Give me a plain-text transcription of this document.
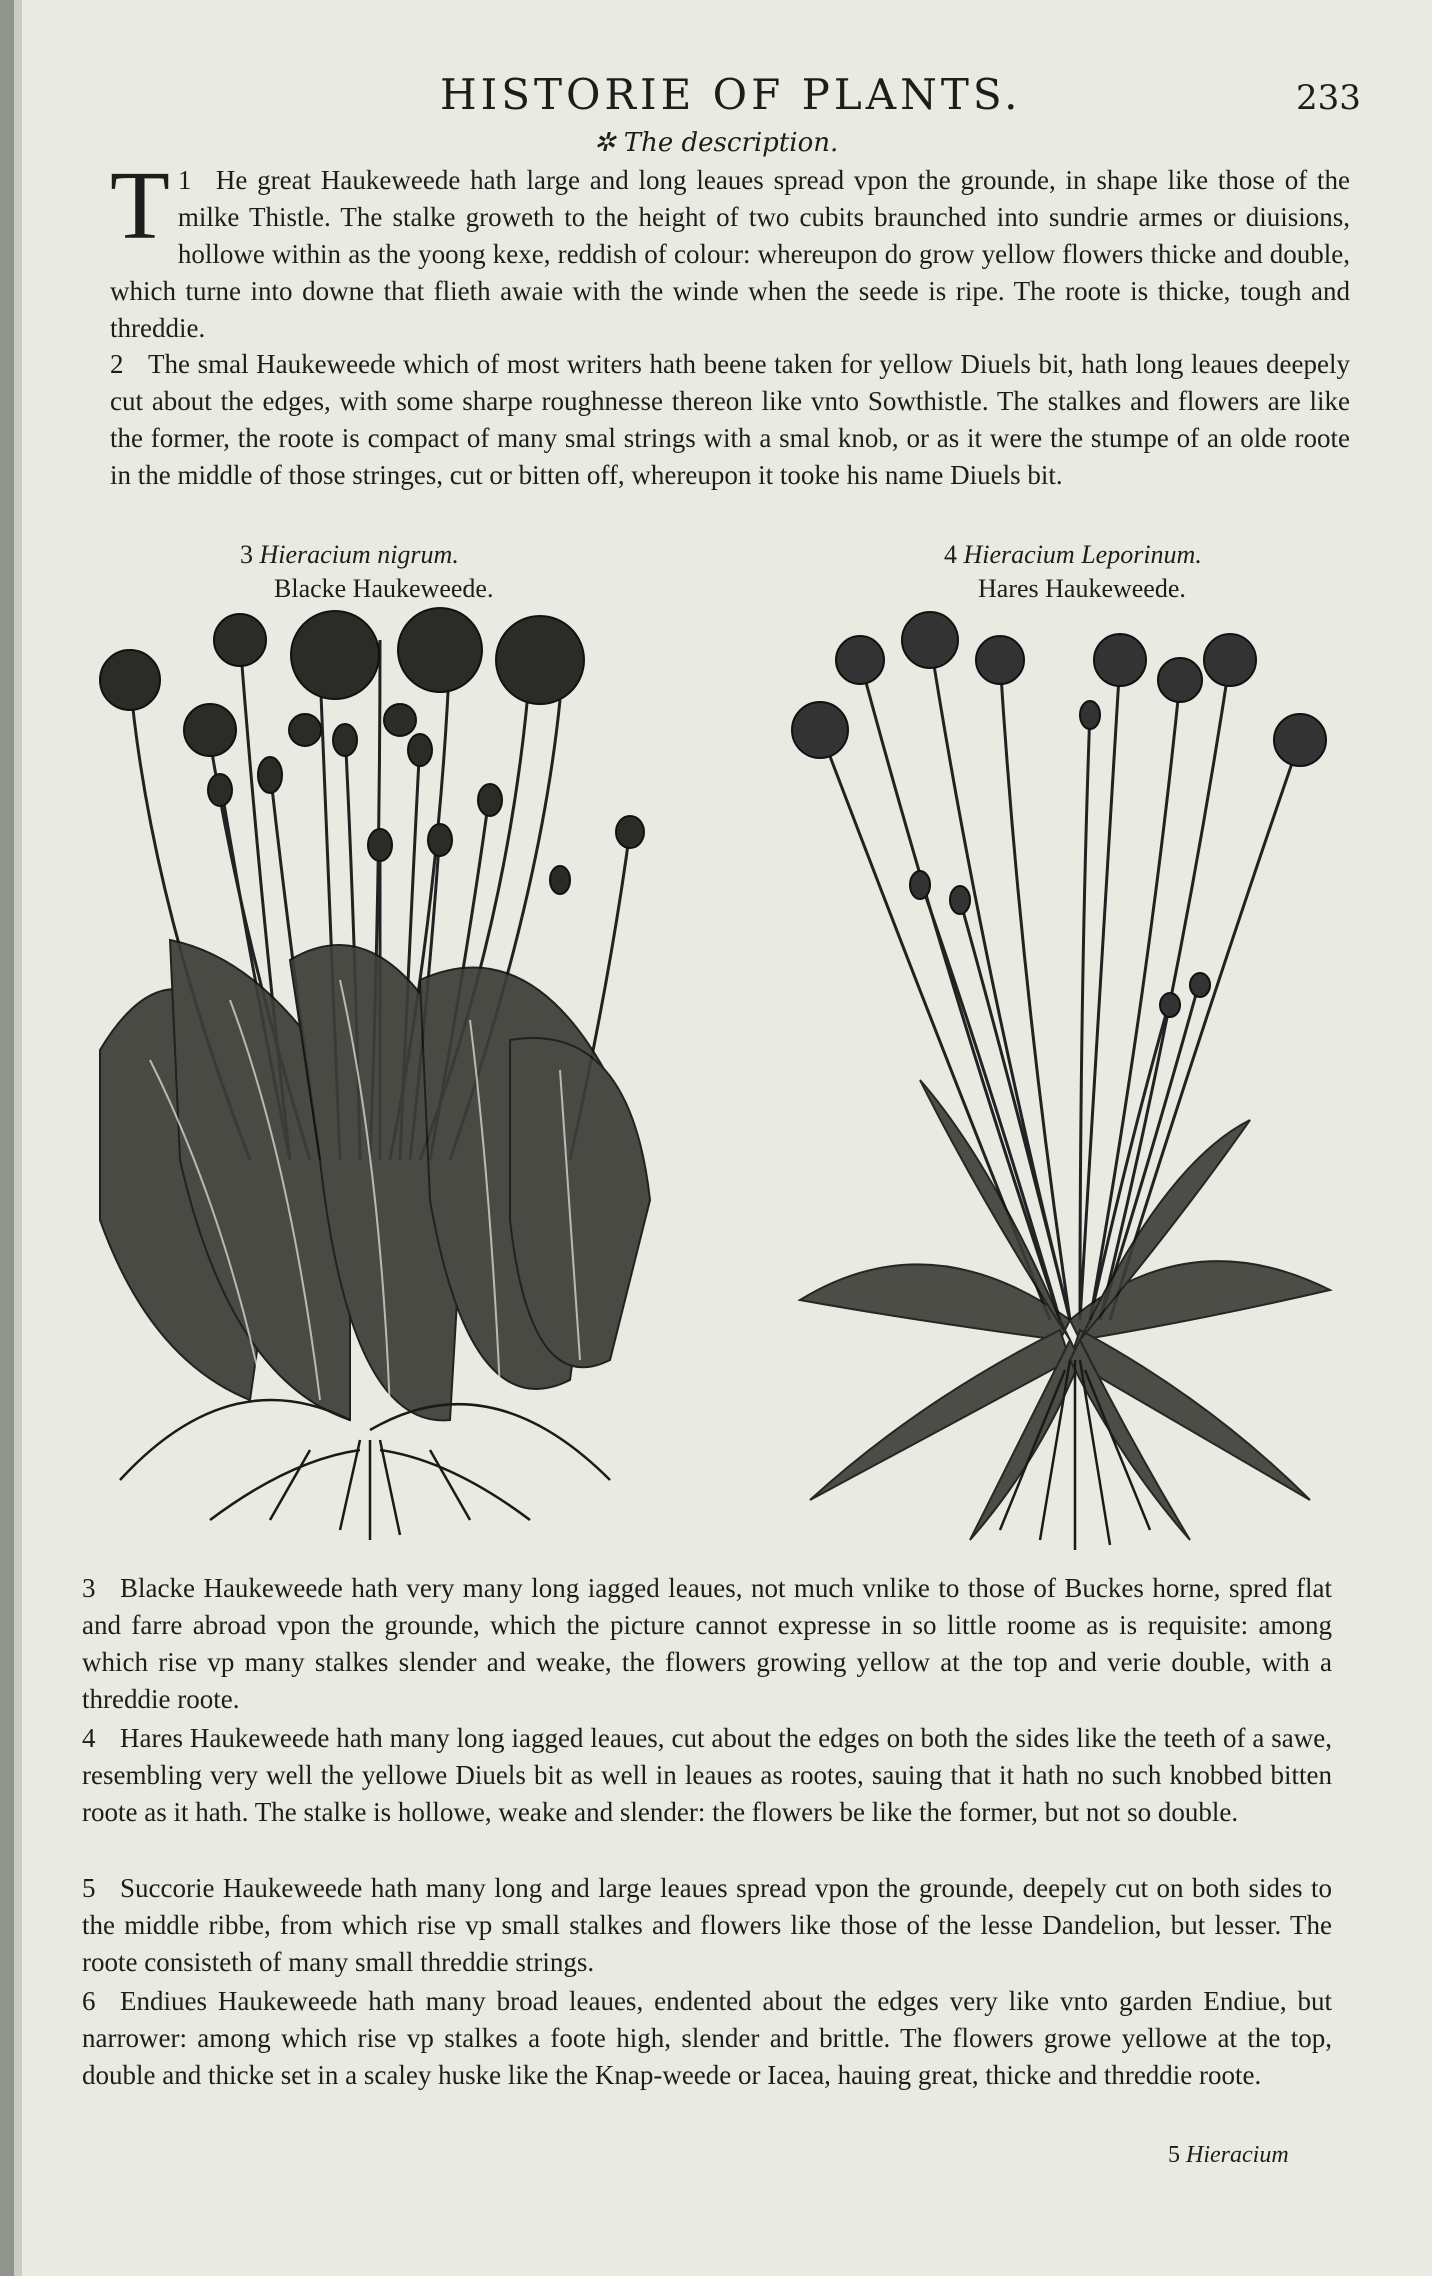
HISTORIE OF PLANTS.	233
✲ The description.

1
T He great Haukeweede hath large and long leaues spread vpon the grounde, in shape like those of the milke Thistle. The stalke groweth to the height of two cubits braunched into sundrie armes or diuisions, hollowe within as the yoong kexe, reddish of colour: whereupon do grow yellow flowers thicke and double, which turne into downe that flieth awaie with the winde when the seede is ripe. The roote is thicke, tough and threddie.

2 The smal Haukeweede which of most writers hath beene taken for yellow Diuels bit, hath long leaues deepely cut about the edges, with some sharpe roughnesse thereon like vnto Sowthistle. The stalkes and flowers are like the former, the roote is compact of many smal strings with a smal knob, or as it were the stumpe of an olde roote in the middle of those stringes, cut or bitten off, whereupon it tooke his name Diuels bit.

3 Hieracium nigrum.
Blacke Haukeweede.
4 Hieracium Leporinum.
Hares Haukeweede.

3 Blacke Haukeweede hath very many long iagged leaues, not much vnlike to those of Buckes horne, spred flat and farre abroad vpon the grounde, which the picture cannot expresse in so little roome as is requisite: among which rise vp many stalkes slender and weake, the flowers growing yellow at the top and verie double, with a threddie roote.

4 Hares Haukeweede hath many long iagged leaues, cut about the edges on both the sides like the teeth of a sawe, resembling very well the yellowe Diuels bit as well in leaues as rootes, sauing that it hath no such knobbed bitten roote as it hath. The stalke is hollowe, weake and slender: the flowers be like the former, but not so double.

5 Succorie Haukeweede hath many long and large leaues spread vpon the grounde, deepely cut on both sides to the middle ribbe, from which rise vp small stalkes and flowers like those of the lesse Dandelion, but lesser. The roote consisteth of many small threddie strings.

6 Endiues Haukeweede hath many broad leaues, endented about the edges very like vnto garden Endiue, but narrower: among which rise vp stalkes a foote high, slender and brittle. The flowers growe yellowe at the top, double and thicke set in a scaley huske like the Knap-weede or Iacea, hauing great, thicke and threddie roote.

5 Hieracium
